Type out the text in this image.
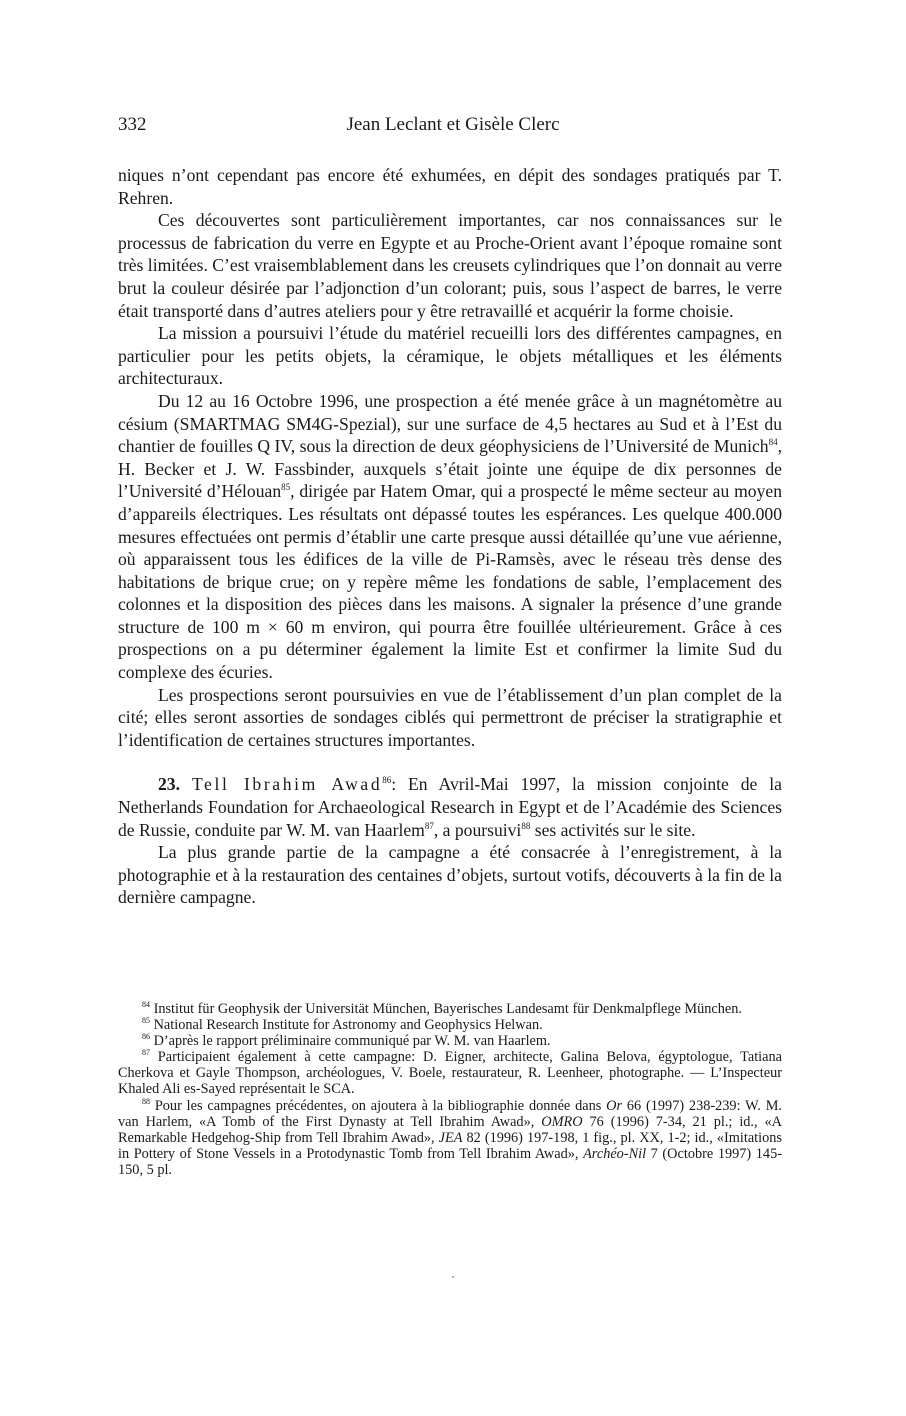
332	Jean Leclant et Gisèle Clerc

niques n’ont cependant pas encore été exhumées, en dépit des sondages pratiqués par T. Rehren.

Ces découvertes sont particulièrement importantes, car nos connaissances sur le processus de fabrication du verre en Egypte et au Proche-Orient avant l’époque romaine sont très limitées. C’est vraisemblablement dans les creusets cylindriques que l’on donnait au verre brut la couleur désirée par l’adjonction d’un colorant; puis, sous l’aspect de barres, le verre était transporté dans d’autres ateliers pour y être retravaillé et acquérir la forme choisie.

La mission a poursuivi l’étude du matériel recueilli lors des différentes campagnes, en particulier pour les petits objets, la céramique, le objets métalliques et les éléments architecturaux.

Du 12 au 16 Octobre 1996, une prospection a été menée grâce à un magnétomètre au césium (SMARTMAG SM4G-Spezial), sur une surface de 4,5 hectares au Sud et à l’Est du chantier de fouilles Q IV, sous la direction de deux géophysiciens de l’Université de Munich$^{84}$, H. Becker et J. W. Fassbinder, auxquels s’était jointe une équipe de dix personnes de l’Université d’Hélouan$^{85}$, dirigée par Hatem Omar, qui a prospecté le même secteur au moyen d’appareils électriques. Les résultats ont dépassé toutes les espérances. Les quelque 400.000 mesures effectuées ont permis d’établir une carte presque aussi détaillée qu’une vue aérienne, où apparaissent tous les édifices de la ville de Pi-Ramsès, avec le réseau très dense des habitations de brique crue; on y repère même les fondations de sable, l’emplacement des colonnes et la disposition des pièces dans les maisons. A signaler la présence d’une grande structure de 100 m × 60 m environ, qui pourra être fouillée ultérieurement. Grâce à ces prospections on a pu déterminer également la limite Est et confirmer la limite Sud du complexe des écuries.

Les prospections seront poursuivies en vue de l’établissement d’un plan complet de la cité; elles seront assorties de sondages ciblés qui permettront de préciser la stratigraphie et l’identification de certaines structures importantes.

23. Tell Ibrahim Awad$^{86}$: En Avril-Mai 1997, la mission conjointe de la Netherlands Foundation for Archaeological Research in Egypt et de l’Académie des Sciences de Russie, conduite par W. M. van Haarlem$^{87}$, a poursuivi$^{88}$ ses activités sur le site.

La plus grande partie de la campagne a été consacrée à l’enregistrement, à la photographie et à la restauration des centaines d’objets, surtout votifs, découverts à la fin de la dernière campagne.

$^{84}$ Institut für Geophysik der Universität München, Bayerisches Landesamt für Denkmalpflege München.

$^{85}$ National Research Institute for Astronomy and Geophysics Helwan.

$^{86}$ D’après le rapport préliminaire communiqué par W. M. van Haarlem.

$^{87}$ Participaient également à cette campagne: D. Eigner, architecte, Galina Belova, égyptologue, Tatiana Cherkova et Gayle Thompson, archéologues, V. Boele, restaurateur, R. Leenheer, photographe. — L’Inspecteur Khaled Ali es-Sayed représentait le SCA.

$^{88}$ Pour les campagnes précédentes, on ajoutera à la bibliographie donnée dans Or 66 (1997) 238-239: W. M. van Harlem, «A Tomb of the First Dynasty at Tell Ibrahim Awad», OMRO 76 (1996) 7-34, 21 pl.; id., «A Remarkable Hedgehog-Ship from Tell Ibrahim Awad», JEA 82 (1996) 197-198, 1 fig., pl. XX, 1-2; id., «Imitations in Pottery of Stone Vessels in a Protodynastic Tomb from Tell Ibrahim Awad», Archéo-Nil 7 (Octobre 1997) 145-150, 5 pl.
